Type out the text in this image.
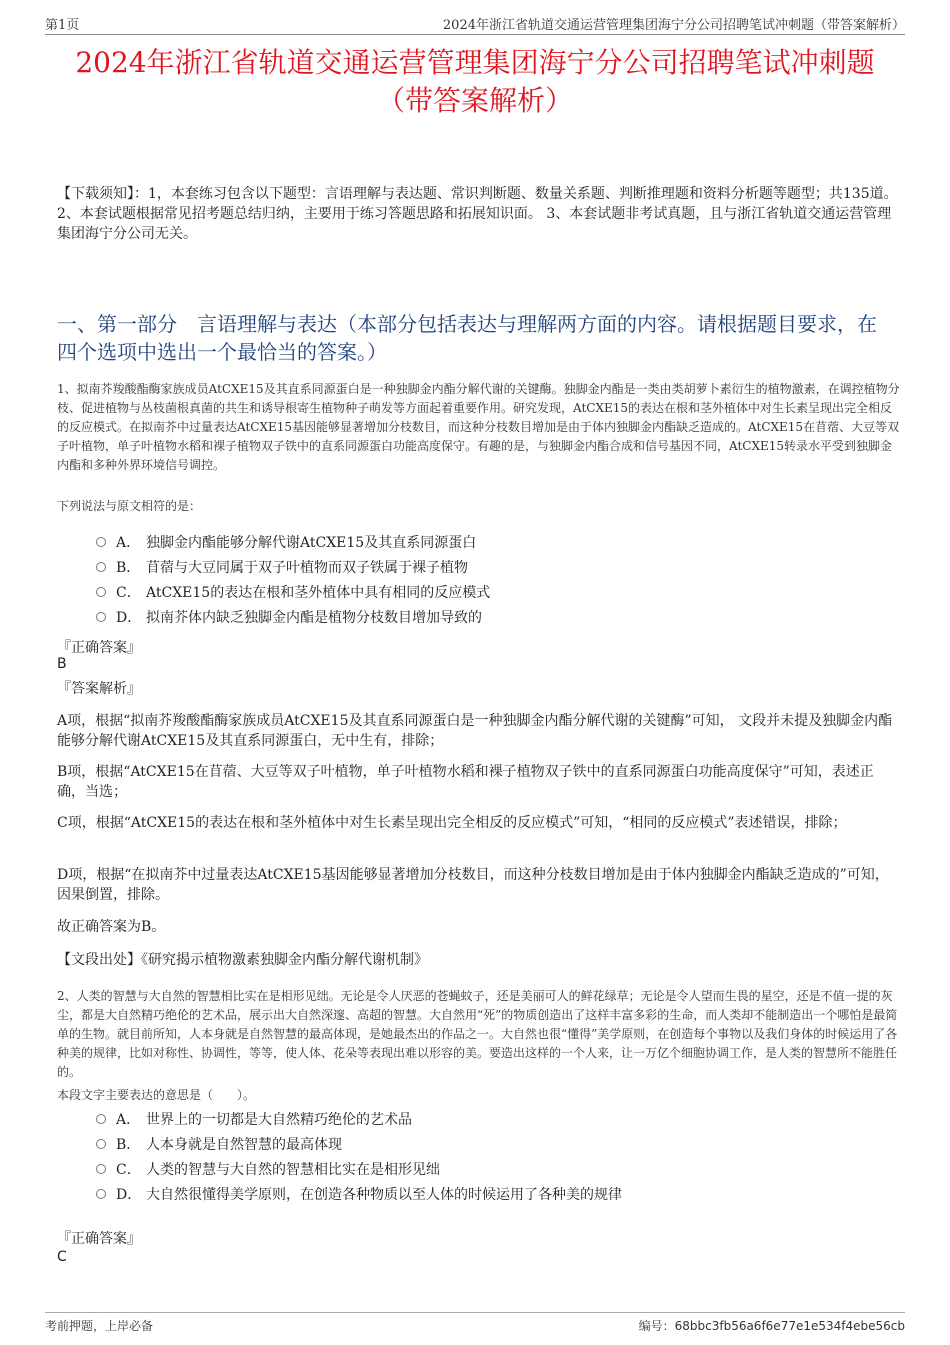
第1页	2024年浙江省轨道交通运营管理集团海宁分公司招聘笔试冲刺题（带答案解析）
2024年浙江省轨道交通运营管理集团海宁分公司招聘笔试冲刺题（带答案解析）
【下载须知】：1，本套练习包含以下题型：言语理解与表达题、常识判断题、数量关系题、判断推理题和资料分析题等题型；共135道。 2、本套试题根据常见招考题总结归纳，主要用于练习答题思路和拓展知识面。 3、本套试题非考试真题，且与浙江省轨道交通运营管理集团海宁分公司无关。
一、第一部分　言语理解与表达（本部分包括表达与理解两方面的内容。请根据题目要求，在四个选项中选出一个最恰当的答案。）
1、拟南芥羧酸酯酶家族成员AtCXE15及其直系同源蛋白是一种独脚金内酯分解代谢的关键酶。独脚金内酯是一类由类胡萝卜素衍生的植物激素，在调控植物分枝、促进植物与丛枝菌根真菌的共生和诱导根寄生植物种子萌发等方面起着重要作用。研究发现，AtCXE15的表达在根和茎外植体中对生长素呈现出完全相反的反应模式。在拟南芥中过量表达AtCXE15基因能够显著增加分枝数目，而这种分枝数目增加是由于体内独脚金内酯缺乏造成的。AtCXE15在苜蓿、大豆等双子叶植物，单子叶植物水稻和裸子植物双子铁中的直系同源蛋白功能高度保守。有趣的是，与独脚金内酯合成和信号基因不同，AtCXE15转录水平受到独脚金内酯和多种外界环境信号调控。
下列说法与原文相符的是：
A． 独脚金内酯能够分解代谢AtCXE15及其直系同源蛋白
B． 苜蓿与大豆同属于双子叶植物而双子铁属于裸子植物
C． AtCXE15的表达在根和茎外植体中具有相同的反应模式
D． 拟南芥体内缺乏独脚金内酯是植物分枝数目增加导致的
『正确答案』
B
『答案解析』
A项，根据“拟南芥羧酸酯酶家族成员AtCXE15及其直系同源蛋白是一种独脚金内酯分解代谢的关键酶”可知， 文段并未提及独脚金内酯能够分解代谢AtCXE15及其直系同源蛋白，无中生有，排除；
B项，根据“AtCXE15在苜蓿、大豆等双子叶植物，单子叶植物水稻和裸子植物双子铁中的直系同源蛋白功能高度保守”可知，表述正确，当选；
C项，根据“AtCXE15的表达在根和茎外植体中对生长素呈现出完全相反的反应模式”可知，“相同的反应模式”表述错误，排除；
D项，根据“在拟南芥中过量表达AtCXE15基因能够显著增加分枝数目，而这种分枝数目增加是由于体内独脚金内酯缺乏造成的”可知，因果倒置，排除。
故正确答案为B。
【文段出处】《研究揭示植物激素独脚金内酯分解代谢机制》
2、人类的智慧与大自然的智慧相比实在是相形见绌。无论是令人厌恶的苍蝇蚊子，还是美丽可人的鲜花绿草；无论是令人望而生畏的星空，还是不值一提的灰尘，都是大自然精巧绝伦的艺术品，展示出大自然深邃、高超的智慧。大自然用“死”的物质创造出了这样丰富多彩的生命，而人类却不能制造出一个哪怕是最简单的生物。就目前所知，人本身就是自然智慧的最高体现，是她最杰出的作品之一。大自然也很“懂得”美学原则，在创造每个事物以及我们身体的时候运用了各种美的规律，比如对称性、协调性，等等，使人体、花朵等表现出难以形容的美。要造出这样的一个人来，让一万亿个细胞协调工作，是人类的智慧所不能胜任的。
本段文字主要表达的意思是（　　）。
A． 世界上的一切都是大自然精巧绝伦的艺术品
B． 人本身就是自然智慧的最高体现
C． 人类的智慧与大自然的智慧相比实在是相形见绌
D． 大自然很懂得美学原则，在创造各种物质以至人体的时候运用了各种美的规律
『正确答案』
C
考前押题，上岸必备	编号：68bbc3fb56a6f6e77e1e534f4ebe56cb
